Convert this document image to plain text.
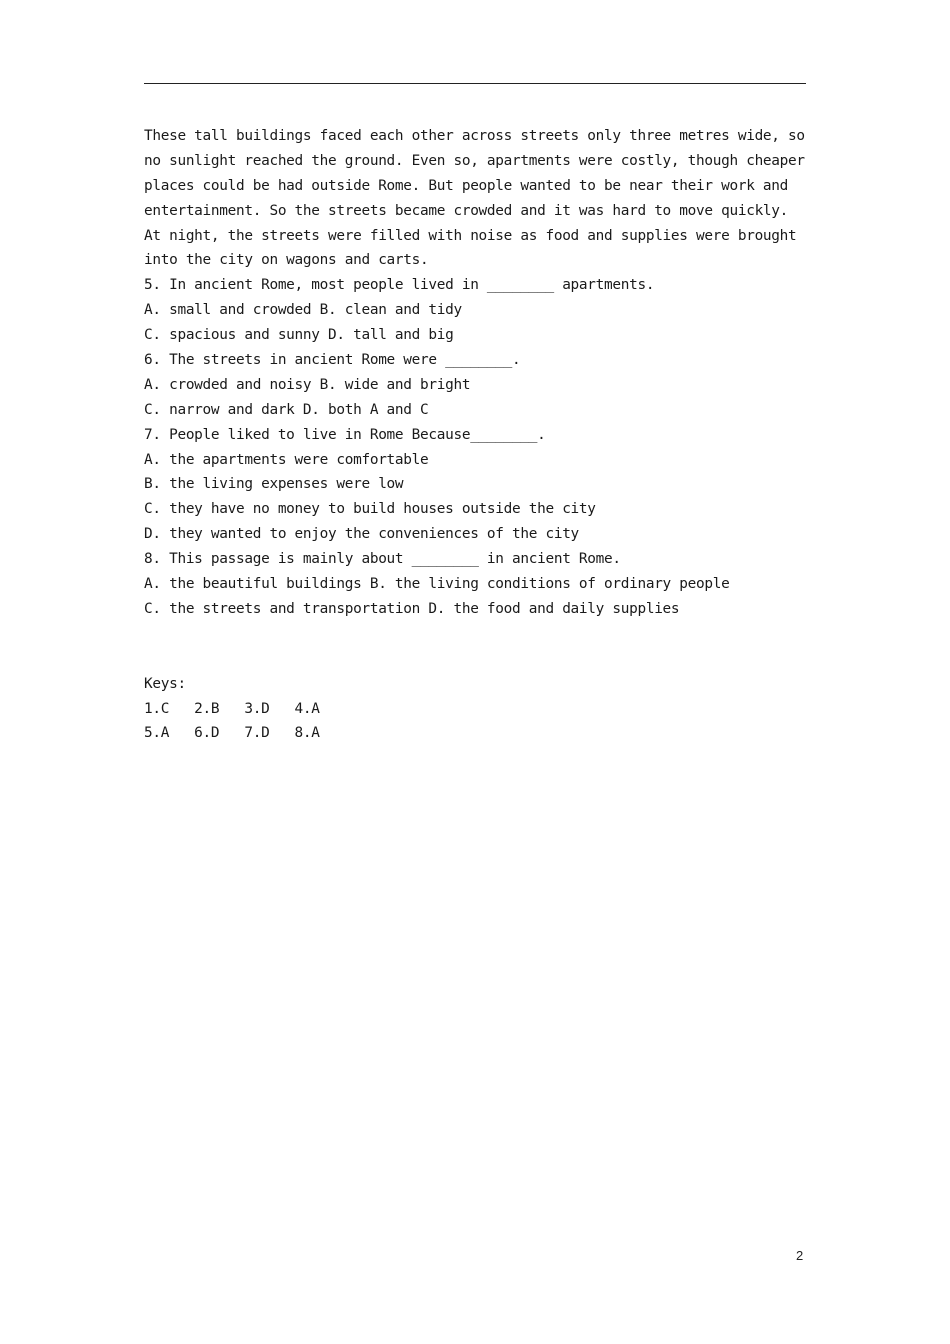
These tall buildings faced each other across streets only three metres wide, so
no sunlight reached the ground. Even so, apartments were costly, though cheaper
places could be had outside Rome. But people wanted to be near their work and
entertainment. So the streets became crowded and it was hard to move quickly.
At night, the streets were filled with noise as food and supplies were brought
into the city on wagons and carts.
5. In ancient Rome, most people lived in ________ apartments.
A. small and crowded B. clean and tidy
C. spacious and sunny D. tall and big
6. The streets in ancient Rome were ________.
A. crowded and noisy B. wide and bright
C. narrow and dark D. both A and C
7. People liked to live in Rome Because________.
A. the apartments were comfortable
B. the living expenses were low
C. they have no money to build houses outside the city
D. they wanted to enjoy the conveniences of the city
8. This passage is mainly about ________ in ancient Rome.
A. the beautiful buildings B. the living conditions of ordinary people
C. the streets and transportation D. the food and daily supplies
Keys:
1.C   2.B   3.D   4.A
5.A   6.D   7.D   8.A
2
